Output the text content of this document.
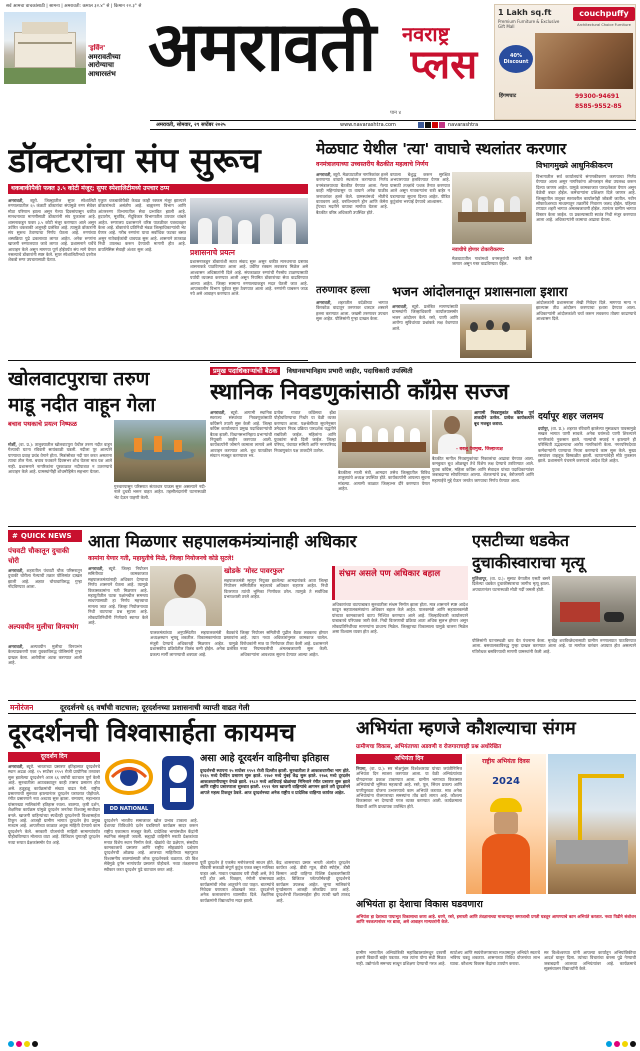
सर्व आमचा वाचकांसाठी | सामना | अमरावती: कमाल ३२.४° से | किमान २२.३° से
'इर्विन'
अमरावतीच्या
आरोग्याचा
आधारस्तंभ अमरावती	नवराष्ट्र
प्लस
पान ४
1 Lakh sq.ft
Premium Furniture & Exclusive Gift Mall
couchpuffy
Architectural Choice Furniture
40% Discount
हिंगणघाट	99300-94691
8585-9552-85
अमरावती, सोमवार, २९ सप्टेंबर २०२५	www.navarashtra.com	navarashtra
डॉक्टरांचा संप सुरूच
थकबाकीपैकी फक्त ३.५ कोटी मंजूर; सुपर स्पेशालिटीमध्ये उपचार ठप्प
अमरावती, ब्यूरो. जिल्ह्यातील सुपर स्पेशालिटी रुग्णालयातील ६५ कंत्राटी डॉक्टरांचा संपामुळे रुग्ण सेवेवर मोठा परिणाम झाला असून गेल्या दिवसांपासून थकीत मानधनाच्या मागणीसाठी डॉक्टरांनी संप पुकारला आहे. शासनाकडून फक्त ३.५ कोटी मंजूर करण्यात आले असून उर्वरित थकबाकी अजूनही प्रलंबित आहे. त्यामुळे डॉक्टरांनी संप सुरूच ठेवण्याचा निर्णय घेतला आहे. रुग्णांच्या शस्त्रक्रिया पुढे ढकलाव्या लागत आहेत. अनेक रुग्णांना खाजगी रुग्णालयात जावे लागत आहे. प्रशासनाने चर्चेचे आवाहन केले असून मागण्या पूर्ण होईपर्यंत संप मागे घेणार नसल्याचे डॉक्टरांनी स्पष्ट केले. सुपर स्पेशालिटीमध्ये दररोज शेकडो रुग्ण उपचारासाठी येतात.
एकूण थकबाकीपैकी केवळ काही रक्कम मंजूर झाल्याने डॉक्टरांमध्ये असंतोष आहे. बाह्यरुग्ण विभाग आणि आंतररुग्ण विभागातील सेवा प्रभावित झाली आहे. हृदयरोग, मूत्रपिंड, मेंदूविकार विभागातील उपचार थांबले आहेत. रुग्णालय प्रशासनाने वरिष्ठ पातळीवर पत्रव्यवहार केला आहे. डॉक्टरांचे प्रतिनिधी मंडळ जिल्हाधिकाऱ्यांची भेट घेणार आहे. गरीब रुग्णांना याचा सर्वाधिक फटका बसत असून नातेवाईकांची धावपळ सुरू आहे. शासनाने तात्काळ निधी उपलब्ध करून देण्याची मागणी होत आहे. डायलिसिस सेवाही अंशतः सुरू आहे.	प्रशासनाचे प्रयत्न
प्रशासनाकडून डॉक्टरांशी सतत संवाद सुरू असून थकीत मानधनाचा प्रस्ताव शासनाकडे पाठविण्यात आला आहे. उर्वरित रक्कम लवकरच मिळेल असे आश्वासन अधिष्ठातांनी दिले आहे. संपकाळात रुग्णांची गैरसोय टाळण्यासाठी पर्यायी व्यवस्था करण्यात आली असून नियमित डॉक्टरांच्या सेवा वाढविण्यात आल्या आहेत. जिल्हा सामान्य रुग्णालयाकडून मदत घेतली जात आहे. आपत्कालीन विभाग पूर्ववत सुरू ठेवण्यात आला आहे. रुग्णांनी घाबरून जाऊ नये असे आवाहन करण्यात आले.
खोलवाटपुराचा तरुण
माडू नदीत वाहून गेला
बचाव पथकाचे प्रयत्न निष्फळ
मोर्शी, (वा. प्र.): तालुक्यातील खोलवाटपुरा येथील तरुण नदीत वाहून गेल्याची घटना रविवारी सायंकाळी घडली. नदीला पूर आल्याने पाण्याचा प्रवाह प्रचंड वेगाने होता. मित्रांसोबत नदी पार करत असताना त्याचा तोल गेला. बचाव पथकाने दिवसभर शोध घेतला मात्र यश आले नाही. प्रशासनाने नागरिकांना पूरकाळात नदीपात्रात न उतरण्याचे आवाहन केले आहे. ग्रामस्थांनीही शोधमोहिमेत सहभाग घेतला.
गुरुवारपासून परिसरात संततधार पाऊस सुरू असल्याने नदी-नाले दुथडी भरून वाहत आहेत. तहसीलदारांनी घटनास्थळी भेट देऊन पाहणी केली.
मेळघाट येथील 'त्या' वाघाचे स्थलांतर करणार
वनमंत्रालयाच्या उच्चस्तरीय बैठकीत महत्वाचे निर्णय
अमरावती, ब्यूरो. मेळघाटातील नागरिकांवर हल्ले करणाऱ्या वाघाचे स्थलांतर करण्याचा निर्णय वनमंत्रालयाच्या बैठकीत घेण्यात आला. गेल्या काही महिन्यांपासून या वाघाने अनेक पाळीव जनावरांवर हल्ले केले. ग्रामस्थांमध्ये भीतीचे वातावरण आहे. वनविभागाने ड्रोन आणि कॅमेरा ट्रॅपच्या मदतीने वाघाचा मागोवा घेतला आहे. बैठकीत वरिष्ठ अधिकारी उपस्थित होते.
वाघाला बेशुद्ध करून सुरक्षित अभयारण्यात हलविण्यात येणार आहे. यासाठी तज्ज्ञांचे पथक तैनात करण्यात आले असून गावकऱ्यांना रात्री बाहेर न पडण्याच्या सूचना दिल्या आहेत. पीडित कुटुंबांना भरपाई देण्याचे आश्वासन.
नवाधीचे होणार टोकारीकरण:
मेळघाटातील गावांमध्ये वनमजुरांची भरती केली जाणार असून गस्त वाढविण्यात येईल.
विभागमुख्ये आधुनिकीकरण
विभागातील सर्व कार्यालयांचे संगणकीकरण करण्याचा निर्णय घेण्यात आला असून नागरिकांना ऑनलाइन सेवा उपलब्ध करून दिल्या जाणार आहेत. यामुळे कामकाजात पारदर्शकता येणार असून वेळेची बचत होईल. कर्मचाऱ्यांना प्रशिक्षण दिले जाणार आहे. जिल्ह्यातील तालुका स्तरावरील कार्यालयेही जोडली जातील. नवीन सॉफ्टवेअरच्या माध्यमातून तक्रारींचे निवारण जलद होईल. पहिल्या टप्प्यात शहरी भागात अंमलबजावणी होईल. त्यानंतर ग्रामीण भागात विस्तार केला जाईल. या प्रकल्पासाठी स्वतंत्र निधी मंजूर करण्यात आला आहे. अधिकाऱ्यांनी कामाचा आढावा घेतला.
तरुणावर हल्ला
अमरावती, शहरातील वर्दळीच्या भागात किरकोळ वादातून तरुणावर धारदार शस्त्राने हल्ला करण्यात आला. जखमी तरुणावर उपचार सुरू आहेत. पोलिसांनी गुन्हा दाखल केला.
भजन आंदोलनातून प्रशासनाला इशारा
अमरावती, ब्यूरो. प्रलंबित मागण्यांसाठी ग्रामस्थांनी जिल्हाधिकारी कार्यालयासमोर भजन आंदोलन केले. रस्ते, पाणी आणि आरोग्य सुविधांच्या प्रश्नांकडे लक्ष वेधण्यात आले.
आंदोलकांनी प्रशासनाला लेखी निवेदन दिले. मागण्या मान्य न झाल्यास तीव्र आंदोलन करण्याचा इशारा देण्यात आला. अधिकाऱ्यांनी आंदोलकांशी चर्चा करून लवकरच तोडगा काढण्याचे आश्वासन दिले.
प्रमुख पदाधिकाऱ्यांची बैठक विधानसभानिहाय प्रभारी जाहीर, पदाधिकारी उपस्थिती
स्थानिक निवडणुकांसाठी काँग्रेस सज्ज
अमरावती, ब्यूरो. आगामी स्थानिक स्वराज्य संस्थांच्या निवडणुकांसाठी काँग्रेसने तयारी सुरू केली आहे. जिल्हा काँग्रेस कार्यालयात प्रमुख पदाधिकाऱ्यांची बैठक झाली. विधानसभानिहाय प्रभाऱ्यांची नियुक्ती जाहीर करण्यात आली. कार्यकर्त्यांनी जोमाने कामाला लागावे असे आवाहन करण्यात आले. बूथ पातळीवर संघटन मजबूत करण्यावर भर.
प्रत्येक गावात काँग्रेसचा झेंडा पोहोचविण्याचा निर्धार या वेळी व्यक्त करण्यात आला. पक्षश्रेष्ठींच्या सूचनेनुसार उमेदवार निवड प्रक्रिया पारदर्शक पद्धतीने राबविली जाईल. महिलांना आणि युवकांना संधी दिली जाईल. जिल्हा परिषद, पंचायत समिती आणि नगरपरिषद निवडणुकांत पक्ष ताकदीने उतरेल.
बैठकीला माजी मंत्री, आमदार तसेच जिल्ह्यातील विविध तालुक्यांचे अध्यक्ष उपस्थित होते. कार्यकर्त्यांनी आपल्या सूचना मांडल्या. आगामी काळात जिल्हाभर दौरे करण्यात येणार आहेत.
आगामी निवडणुकांत काँग्रेस पूर्ण ताकदीने उतरेल. प्रत्येक कार्यकर्त्याने बूथ मजबूत करावा.
- बबलू देशमुख, जिल्हाध्यक्ष
बैठकीत मागील निवडणुकांच्या निकालांचा आढावा घेण्यात आला. कमकुवत बूथ ओळखून तेथे विशेष लक्ष देण्याचे ठरविण्यात आले. युवक काँग्रेस, महिला काँग्रेस आणि सेवादल यांच्या पदाधिकाऱ्यांवर जबाबदाऱ्या सोपविण्यात आल्या. शेतकऱ्यांचे प्रश्न, बेरोजगारी आणि महागाईचे मुद्दे घेऊन जनतेत जाण्याचा निर्णय घेण्यात आला.
दर्यापूर शहर जलमय
दर्यापूर, (वा. प्र.): शहरात रविवारी झालेल्या मुसळधार पावसामुळे सखल भागात पाणी साचले. अनेक घरांमध्ये पाणी शिरल्याने नागरिकांचे नुकसान झाले. नाल्यांची सफाई न झाल्याने ही परिस्थिती उद्भवल्याचा आरोप नागरिकांनी केला. नगरपरिषदेच्या कर्मचाऱ्यांनी पाण्याचा निचरा करण्याचे काम सुरू केले. मुख्य रस्त्यांवर वाहतूक विस्कळीत झाली. व्यापाऱ्यांचेही मोठे नुकसान झाले. प्रशासनाने पंचनामे करण्याचे आदेश दिले आहेत.
# QUICK NEWS
पंचवटी चौकातून दुचाकी चोरी
अमरावती, शहरातील पंचवटी चौक परिसरातून दुचाकी चोरीला गेल्याची तक्रार पोलिसांत दाखल झाली आहे. अज्ञात चोरट्याविरुद्ध गुन्हा नोंदविण्यात आला.
अल्पवयीन मुलीचा विनयभंग
अमरावती, अल्पवयीन मुलीचा विनयभंग केल्याप्रकरणी एका युवकाविरुद्ध पोलिसांनी गुन्हा दाखल केला. आरोपीला अटक करण्यात आली आहे.
आता मिळणार सहपालकमंत्र्यांनाही अधिकार
कामांना येणार गती, महायुतीचे मिळे, जिल्हा नियोजनचे कोडे सुटले!
अमरावती, ब्यूरो. जिल्हा नियोजन समितीच्या कामकाजात सहपालकमंत्र्यांनाही अधिकार देण्याचा निर्णय शासनाने घेतला आहे. त्यामुळे विकासकामांना गती मिळणार आहे. महायुतीतील घटक पक्षांमधील समन्वय साधण्यासाठी हा निर्णय महत्त्वाचा मानला जात आहे. जिल्हा नियोजनाच्या निधी वाटपाचा प्रश्न सुटला आहे. लोकप्रतिनिधींनी निर्णयाचे स्वागत केले आहे.
खोडके 'मोस्ट पावरफुल'
सहपालकमंत्री म्हणून नियुक्त झालेल्या आमदारांकडे आता जिल्हा नियोजन समितीतील महत्त्वाचे अधिकार राहणार आहेत. निधी वितरणात त्यांची भूमिका निर्णायक ठरेल. त्यामुळे ते सर्वाधिक प्रभावशाली ठरले आहेत.
पालकमंत्र्यांच्या अनुपस्थितीत सहपालकमंत्री बैठकांचे अध्यक्षस्थान भूषवू शकतील. विकासकामांच्या प्रस्तावांना मंजुरी देण्याचे अधिकारही मिळणार आहेत. यामुळे प्रशासकीय प्रक्रियेतील विलंब कमी होईल. अनेक प्रलंबित प्रकल्प मार्गी लागण्याची शक्यता आहे.
जिल्हा नियोजन समितीची पुढील बैठक लवकरच होणार आहे. त्यात नव्या अधिकारांनुसार कामकाज चालेल. विरोधकांनी मात्र या निर्णयावर टीका केली आहे. प्रशासनाने नव्या नियमावलीची अंमलबजावणी सुरू केली. अधिकाऱ्यांना आवश्यक सूचना देण्यात आल्या आहेत.
संभ्रम असले पण अधिकार बहाल
अधिकारांच्या वाटपाबाबत सुरुवातीला संभ्रम निर्माण झाला होता. मात्र शासनाने स्पष्ट आदेश काढून सहपालकमंत्र्यांना अधिकार बहाल केले आहेत. पालकमंत्री आणि सहपालकमंत्री यांच्यात कामकाजाचे वाटप निश्चित करण्यात आले आहे. जिल्हाधिकारी कार्यालयाने याबाबतचे परिपत्रक जारी केले. निधी वितरणाची प्रक्रिया आता अधिक सुलभ होणार असून लोकप्रतिनिधींच्या मागण्यांना प्राधान्य मिळेल. जिल्ह्याच्या विकासाला यामुळे चालना मिळेल असा विश्वास व्यक्त होत आहे.
एसटीच्या धडकेत
दुचाकीस्वाराचा मृत्यू
मुर्तिजापूर, (वा. प्र.): सुसाट वेगातील एसटी बसने दिलेल्या धडकेत दुचाकीस्वाराचा जागीच मृत्यू झाला. अपघातानंतर घटनास्थळी मोठी गर्दी जमली होती.
पोलिसांनी घटनास्थळी धाव घेत पंचनामा केला. मृतदेह शवविच्छेदनासाठी ग्रामीण रुग्णालयात पाठविण्यात आला. बसचालकाविरुद्ध गुन्हा दाखल करण्यात आला आहे. या मार्गावर वारंवार अपघात होत असल्याने गतिरोधक बसविण्याची मागणी ग्रामस्थांनी केली आहे.
मनोरंजन	दूरदर्शनचे ६६ वर्षांची वाटचाल; दूरदर्शनच्या प्रशासनाची व्याप्ती वाढत गेली
दूरदर्शनची विश्वासार्हता कायमच
दूरदर्शन दिन
अमरावती, ब्यूरो. भारताच्या प्रसारण इतिहासात दूरदर्शनचे स्थान अढळ आहे. १५ सप्टेंबर १९५९ रोजी प्रायोगिक तत्त्वावर सुरू झालेल्या दूरदर्शनने आज ६६ वर्षांची वाटचाल पूर्ण केली आहे. सुरुवातीला आठवड्यातून काही तासच प्रसारण होत असे. हळूहळू कार्यक्रमांची संख्या वाढत गेली. राष्ट्रीय प्रसारणाची सुरुवात झाल्यानंतर दूरदर्शन घराघरात पोहोचले. रंगीत प्रसारणाने नवा अध्याय सुरू झाला. रामायण, महाभारत यांसारख्या मालिकांनी इतिहास रचला. बातम्या, कृषी दर्शन, शैक्षणिक कार्यक्रम यांमुळे दूरदर्शन जनतेचा विश्वासू साथीदार बनले. खाजगी वाहिन्यांच्या स्पर्धेतही दूरदर्शनची विश्वासार्हता टिकून आहे. आजही ग्रामीण भागात दूरदर्शन हेच प्रमुख माध्यम आहे. आपत्तीच्या काळात अचूक माहिती देण्याचे काम दूरदर्शनने केले. सरकारी योजनांची माहिती सामान्यांपर्यंत पोहोचविण्यात मोलाचा वाटा आहे. डिजिटल युगातही दूरदर्शन नव्या रूपात प्रेक्षकांसमोर येत आहे.
DD NATIONAL
दूरदर्शनने भारतीय समाजावर खोल प्रभाव टाकला आहे. देशाच्या विविधतेचे दर्शन घडविणारे कार्यक्रम सादर करून राष्ट्रीय एकात्मता मजबूत केली. प्रादेशिक भाषांमधील केंद्रांनी स्थानिक संस्कृती जपली. सह्याद्री वाहिनीने मराठी प्रेक्षकांच्या मनात विशेष स्थान निर्माण केले. खेळांचे थेट प्रक्षेपण, संसदीय कामकाजाचे प्रसारण आणि राष्ट्रीय सोहळ्यांचे प्रक्षेपण दूरदर्शनची ओळख आहे. आजच्या माहितीच्या महापुरात विश्वसनीय बातम्यांसाठी लोक दूरदर्शनकडे वळतात. फ्री डिश सेवेमुळे दुर्गम भागांपर्यंत प्रसारण पोहोचले. नव्या तंत्रज्ञानाचा स्वीकार करत दूरदर्शन पुढे वाटचाल करत आहे.
असा आहे दूरदर्शन वाहिनीचा इतिहास
दूरदर्शनची स्थापना १५ सप्टेंबर १९५९ रोजी दिल्लीत झाली. सुरुवातीला ते आकाशवाणीचा भाग होते. १९६५ मध्ये दैनंदिन प्रसारण सुरू झाले. १९७२ मध्ये मुंबई केंद्र सुरू झाले. १९७६ मध्ये दूरदर्शन आकाशवाणीपासून वेगळे झाले. १९८२ मध्ये आशियाई खेळांच्या निमित्ताने रंगीत प्रसारण सुरू झाले आणि राष्ट्रीय प्रसारणाला सुरुवात झाली. १९९१ नंतर खाजगी वाहिन्यांचे आगमन झाले तरी दूरदर्शनने आपले महत्त्व टिकवून ठेवले. आज दूरदर्शनच्या अनेक राष्ट्रीय व प्रादेशिक वाहिन्या कार्यरत आहेत.
पूर्वी दूरदर्शन हे एकमेव मनोरंजनाचे साधन होते. रविवारी सकाळी संपूर्ण कुटुंब एकत्र बसून मालिका पाहत असे. गावात एखाद्याच घरी टीव्ही असे, तेथे गर्दी होत असे. चित्रहार, रंगोली यांसारख्या कार्यक्रमांची लोक आतुरतेने वाट पाहत. बातम्यांचे निवेदक घराघरात ओळखले जात. दूरदर्शनने अनेक कलाकारांना व्यासपीठ दिले. शैक्षणिक कार्यक्रमांनी विद्यार्थ्यांना मदत झाली.
केंद्र शासनाच्या प्रसार भारती अंतर्गत दूरदर्शन कार्यरत आहे. डीडी न्यूज, डीडी स्पोर्ट्स, डीडी किसान आदी वाहिन्या विशिष्ट प्रेक्षकवर्गासाठी आहेत. डिजिटल प्लॅटफॉर्मवरही दूरदर्शनचे कार्यक्रम उपलब्ध आहेत. जुन्या मालिकांचे पुनर्प्रसारण आजही लोकप्रिय ठरत आहे. दूरदर्शनची विश्वासार्हता हीच त्याची खरी ताकद आहे.
अभियंता म्हणजे कौशल्याचा संगम
ग्रामीणचा विकास, अभियंताच्या अडवणी व रोजगाराचाही प्रश्न अधोरेखित
अभियंता दिन
नियमा, (वा. प्र.): सर मोक्षगुंडम विश्वेश्वरय्या यांच्या जयंतीनिमित्त अभियंता दिन साजरा करण्यात आला. या वेळी अभियंत्यांच्या योगदानावर प्रकाश टाकण्यात आला. ग्रामीण भागाच्या विकासात अभियंत्यांची भूमिका महत्त्वाची आहे. रस्ते, पूल, सिंचन प्रकल्प आणि पाणीपुरवठा योजना उभारण्याचे काम अभियंते करतात. मात्र अनेक अभियंत्यांना रोजगाराच्या समस्यांना तोंड द्यावे लागत आहे. कौशल्य विकासावर भर देण्याची गरज व्यक्त करण्यात आली. कार्यक्रमाला विद्यार्थी आणि प्राध्यापक उपस्थित होते.
राष्ट्रीय अभियंता दिवस
2024
अभियंता हा देशाचा विकास घडवणारा
अभियंता हा देशाच्या पायाभूत विकासाचा कणा आहे. धरणे, रस्ते, इमारती आणि तंत्रज्ञानाच्या माध्यमातून समाजाची प्रगती घडवून आणण्याचे काम अभियंते करतात. नव्या पिढीने संशोधन आणि नवकल्पनांवर भर द्यावा, असे आवाहन मान्यवरांनी केले.
ग्रामीण भागातील अभियांत्रिकी महाविद्यालयांमधून दरवर्षी हजारो विद्यार्थी बाहेर पडतात. मात्र त्यांना योग्य संधी मिळत नाही. उद्योगांशी समन्वय साधून प्रशिक्षण देण्याची गरज आहे.
स्टार्टअप आणि स्वयंरोजगाराच्या माध्यमातून अभियंते स्वतःचे भविष्य घडवू शकतात. शासनाच्या विविध योजनांचा लाभ घ्यावा. कौशल्य विकास केंद्रांचा उपयोग करावा.
सर विश्वेश्वरय्या यांनी आपल्या कार्यातून अभियांत्रिकीचा आदर्श घालून दिला. त्यांच्या विचारांचा वारसा पुढे नेण्याची जबाबदारी आजच्या अभियंत्यांवर आहे. कार्यक्रमाचे सूत्रसंचालन विद्यार्थ्यांनी केले.
